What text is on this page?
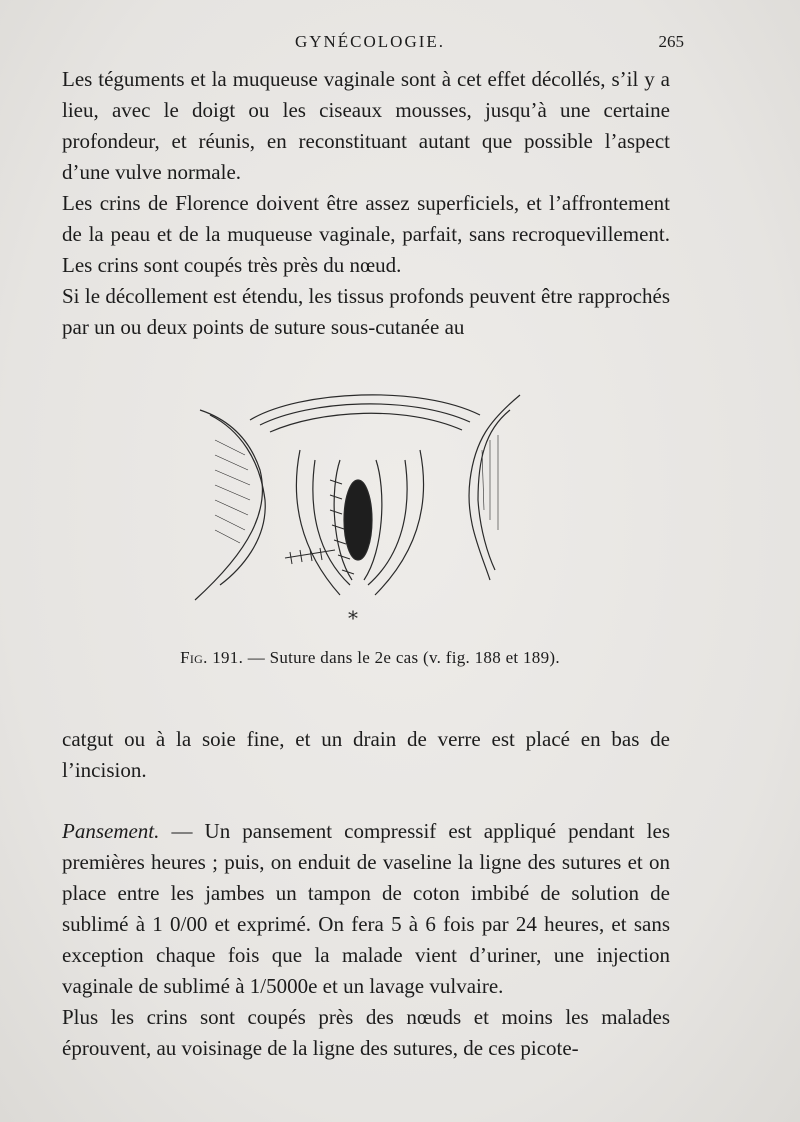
GYNÉCOLOGIE.	265

Les téguments et la muqueuse vaginale sont à cet effet décollés, s’il y a lieu, avec le doigt ou les ciseaux mousses, jusqu’à une certaine profondeur, et réunis, en reconstituant autant que possible l’aspect d’une vulve normale.

Les crins de Florence doivent être assez superficiels, et l’affrontement de la peau et de la muqueuse vaginale, parfait, sans recroquevillement. Les crins sont coupés très près du nœud.

Si le décollement est étendu, les tissus profonds peuvent être rapprochés par un ou deux points de suture sous-cutanée au

*
Fig. 191. — Suture dans le 2e cas (v. fig. 188 et 189).

catgut ou à la soie fine, et un drain de verre est placé en bas de l’incision.

Pansement. — Un pansement compressif est appliqué pendant les premières heures ; puis, on enduit de vaseline la ligne des sutures et on place entre les jambes un tampon de coton imbibé de solution de sublimé à 1 0/00 et exprimé. On fera 5 à 6 fois par 24 heures, et sans exception chaque fois que la malade vient d’uriner, une injection vaginale de sublimé à 1/5000e et un lavage vulvaire.

Plus les crins sont coupés près des nœuds et moins les malades éprouvent, au voisinage de la ligne des sutures, de ces picote-
